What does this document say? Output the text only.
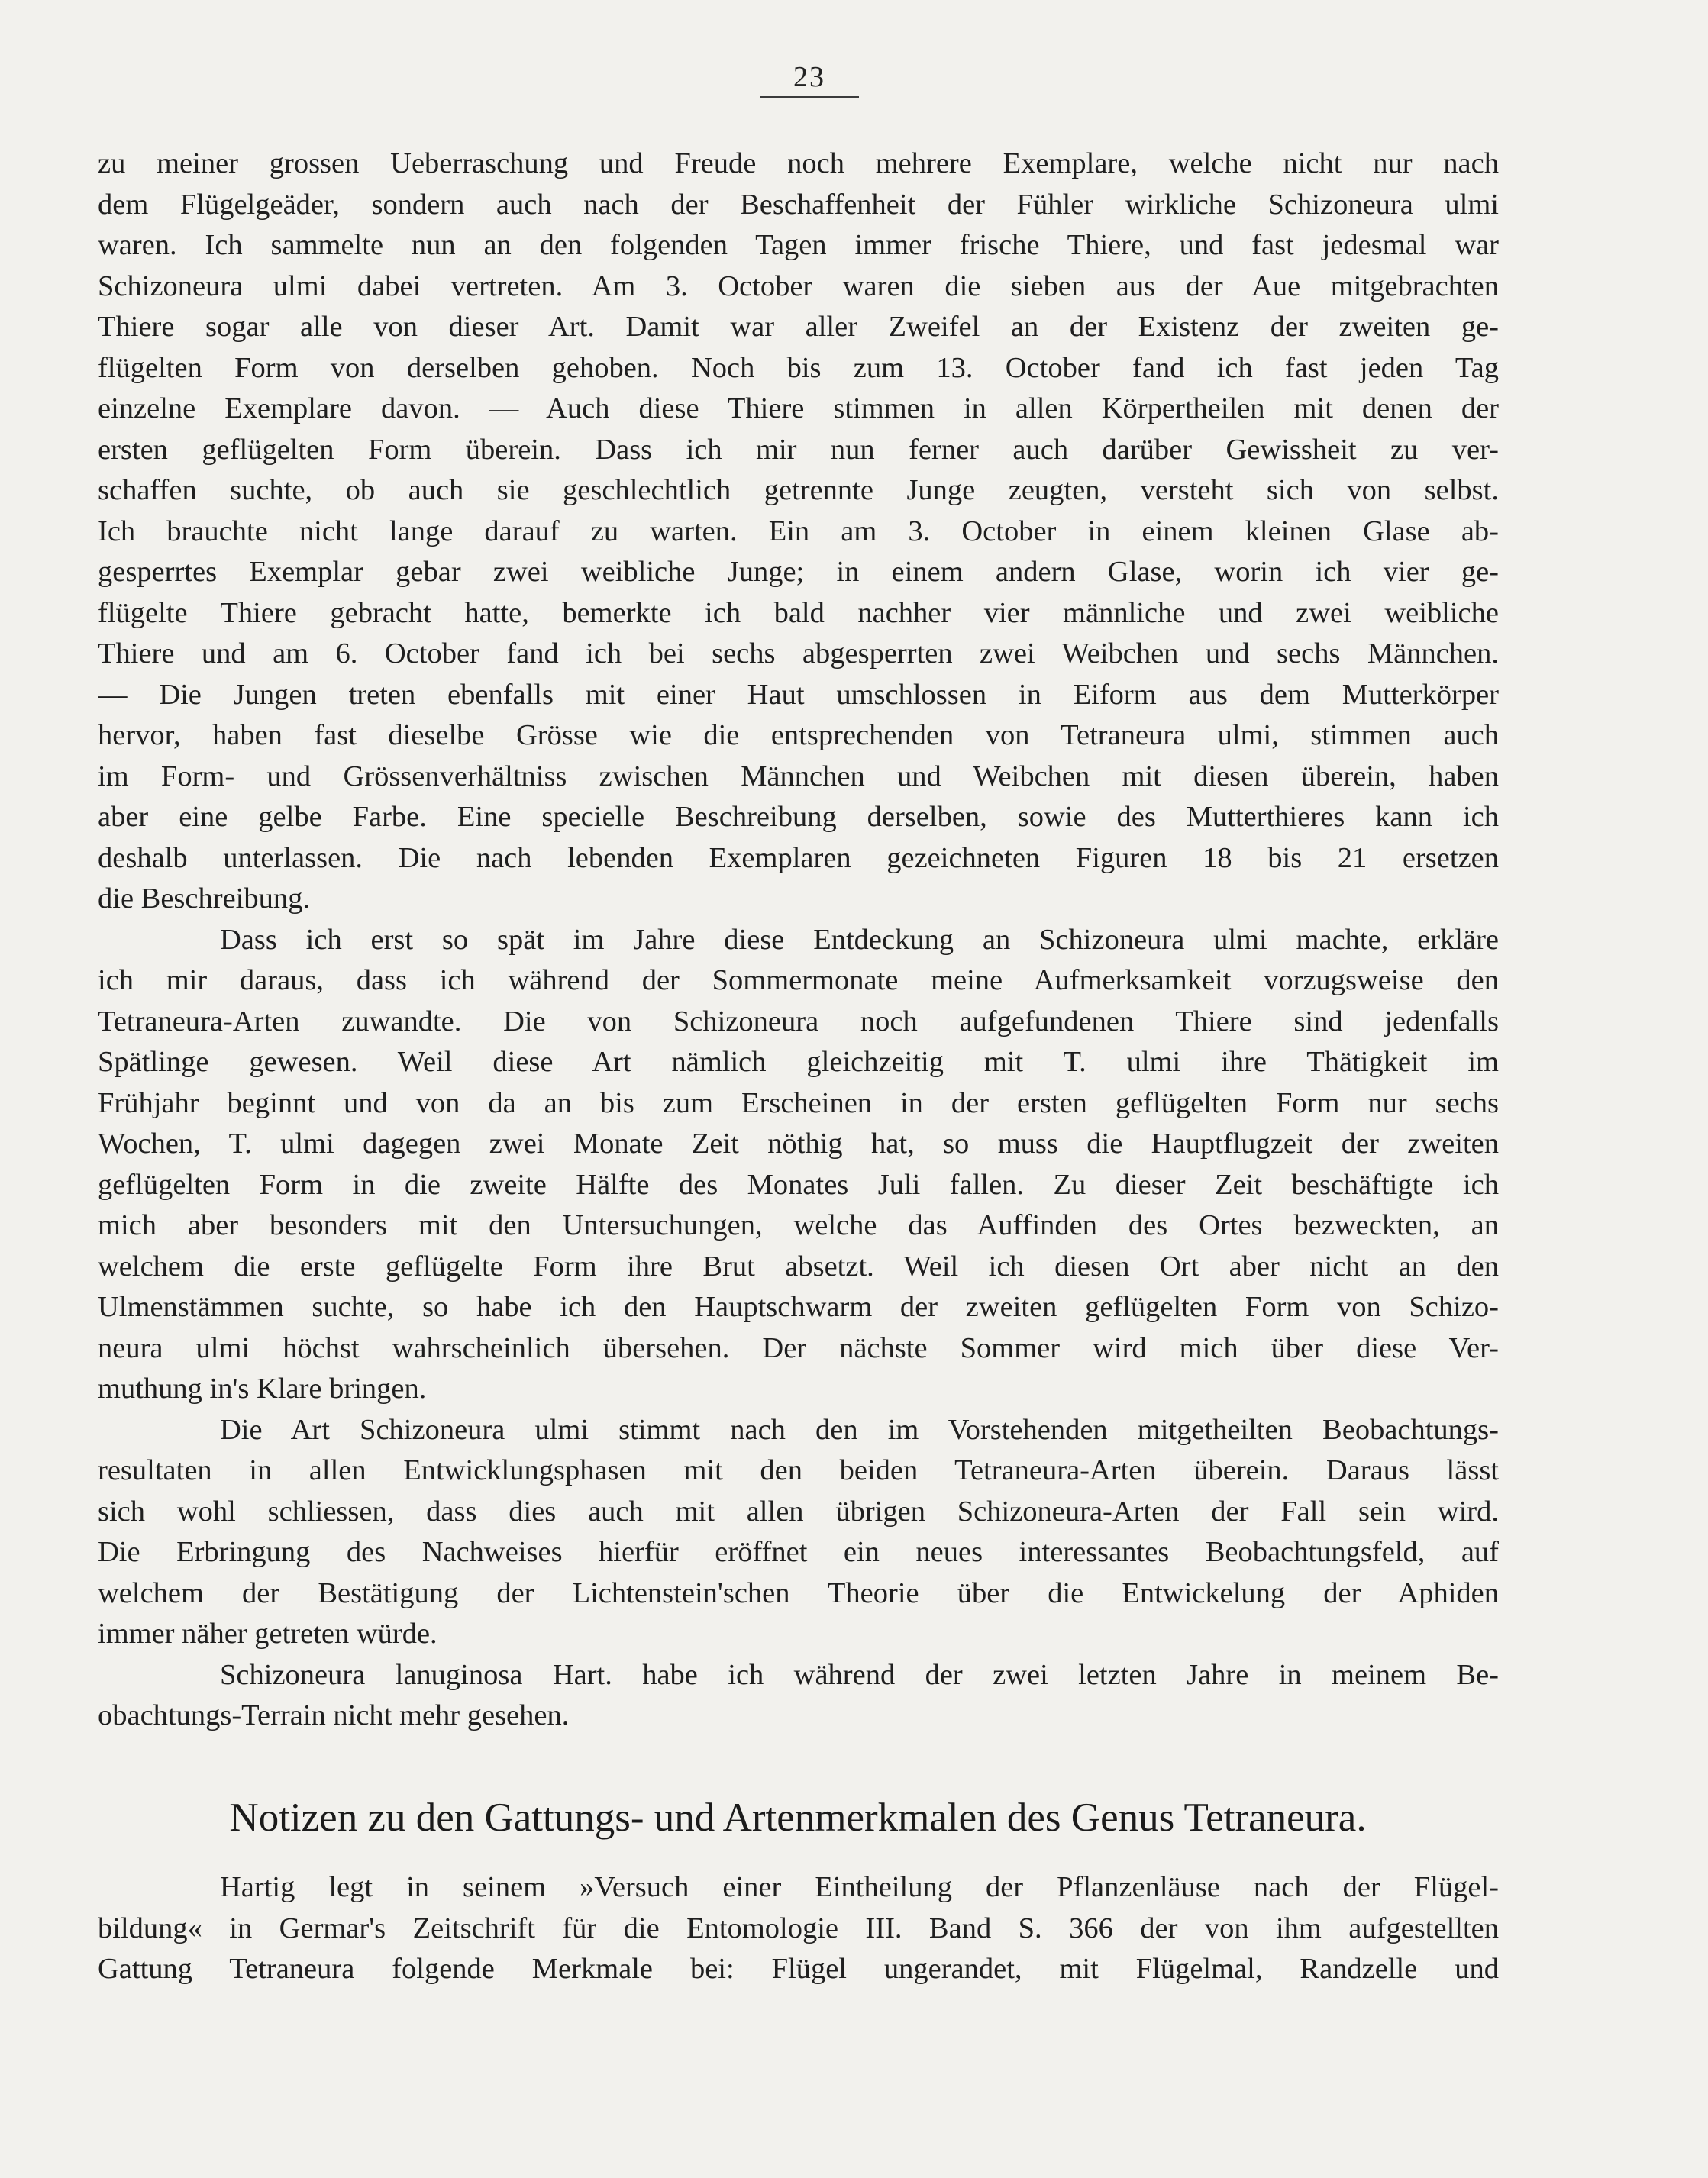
23
zu meiner grossen Ueberraschung und Freude noch mehrere Exemplare, welche nicht nur nach
dem Flügelgeäder, sondern auch nach der Beschaffenheit der Fühler wirkliche Schizoneura ulmi
waren. Ich sammelte nun an den folgenden Tagen immer frische Thiere, und fast jedesmal war
Schizoneura ulmi dabei vertreten. Am 3. October waren die sieben aus der Aue mitgebrachten
Thiere sogar alle von dieser Art. Damit war aller Zweifel an der Existenz der zweiten ge-
flügelten Form von derselben gehoben. Noch bis zum 13. October fand ich fast jeden Tag
einzelne Exemplare davon. — Auch diese Thiere stimmen in allen Körpertheilen mit denen der
ersten geflügelten Form überein. Dass ich mir nun ferner auch darüber Gewissheit zu ver-
schaffen suchte, ob auch sie geschlechtlich getrennte Junge zeugten, versteht sich von selbst.
Ich brauchte nicht lange darauf zu warten. Ein am 3. October in einem kleinen Glase ab-
gesperrtes Exemplar gebar zwei weibliche Junge; in einem andern Glase, worin ich vier ge-
flügelte Thiere gebracht hatte, bemerkte ich bald nachher vier männliche und zwei weibliche
Thiere und am 6. October fand ich bei sechs abgesperrten zwei Weibchen und sechs Männchen.
— Die Jungen treten ebenfalls mit einer Haut umschlossen in Eiform aus dem Mutterkörper
hervor, haben fast dieselbe Grösse wie die entsprechenden von Tetraneura ulmi, stimmen auch
im Form- und Grössenverhältniss zwischen Männchen und Weibchen mit diesen überein, haben
aber eine gelbe Farbe. Eine specielle Beschreibung derselben, sowie des Mutterthieres kann ich
deshalb unterlassen. Die nach lebenden Exemplaren gezeichneten Figuren 18 bis 21 ersetzen
die Beschreibung.
Dass ich erst so spät im Jahre diese Entdeckung an Schizoneura ulmi machte, erkläre
ich mir daraus, dass ich während der Sommermonate meine Aufmerksamkeit vorzugsweise den
Tetraneura-Arten zuwandte. Die von Schizoneura noch aufgefundenen Thiere sind jedenfalls
Spätlinge gewesen. Weil diese Art nämlich gleichzeitig mit T. ulmi ihre Thätigkeit im
Frühjahr beginnt und von da an bis zum Erscheinen in der ersten geflügelten Form nur sechs
Wochen, T. ulmi dagegen zwei Monate Zeit nöthig hat, so muss die Hauptflugzeit der zweiten
geflügelten Form in die zweite Hälfte des Monates Juli fallen. Zu dieser Zeit beschäftigte ich
mich aber besonders mit den Untersuchungen, welche das Auffinden des Ortes bezweckten, an
welchem die erste geflügelte Form ihre Brut absetzt. Weil ich diesen Ort aber nicht an den
Ulmenstämmen suchte, so habe ich den Hauptschwarm der zweiten geflügelten Form von Schizo-
neura ulmi höchst wahrscheinlich übersehen. Der nächste Sommer wird mich über diese Ver-
muthung in's Klare bringen.
Die Art Schizoneura ulmi stimmt nach den im Vorstehenden mitgetheilten Beobachtungs-
resultaten in allen Entwicklungsphasen mit den beiden Tetraneura-Arten überein. Daraus lässt
sich wohl schliessen, dass dies auch mit allen übrigen Schizoneura-Arten der Fall sein wird.
Die Erbringung des Nachweises hierfür eröffnet ein neues interessantes Beobachtungsfeld, auf
welchem der Bestätigung der Lichtenstein'schen Theorie über die Entwickelung der Aphiden
immer näher getreten würde.
Schizoneura lanuginosa Hart. habe ich während der zwei letzten Jahre in meinem Be-
obachtungs-Terrain nicht mehr gesehen.
Notizen zu den Gattungs- und Artenmerkmalen des Genus Tetraneura.
Hartig legt in seinem »Versuch einer Eintheilung der Pflanzenläuse nach der Flügel-
bildung« in Germar's Zeitschrift für die Entomologie III. Band S. 366 der von ihm aufgestellten
Gattung Tetraneura folgende Merkmale bei: Flügel ungerandet, mit Flügelmal, Randzelle und
